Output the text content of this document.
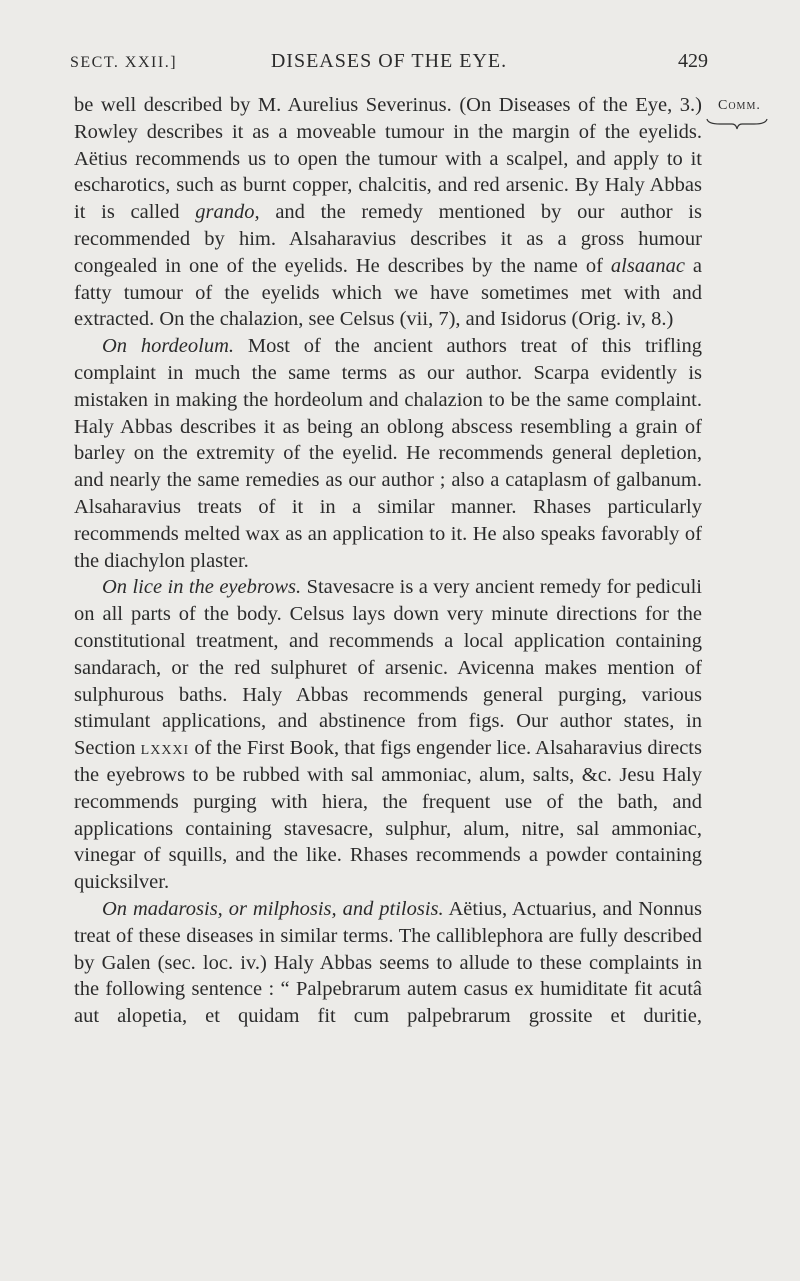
SECT. XXII.]	DISEASES OF THE EYE.	429
Comm.

be well described by M. Aurelius Severinus. (On Diseases of the Eye, 3.) Rowley describes it as a moveable tumour in the margin of the eyelids. Aëtius recommends us to open the tumour with a scalpel, and apply to it escharotics, such as burnt copper, chalcitis, and red arsenic. By Haly Abbas it is called grando, and the remedy mentioned by our author is recommended by him. Alsaharavius describes it as a gross humour congealed in one of the eyelids. He describes by the name of alsaanac a fatty tumour of the eyelids which we have sometimes met with and extracted. On the chalazion, see Celsus (vii, 7), and Isidorus (Orig. iv, 8.)

On hordeolum. Most of the ancient authors treat of this trifling complaint in much the same terms as our author. Scarpa evidently is mistaken in making the hordeolum and chalazion to be the same complaint. Haly Abbas describes it as being an oblong abscess resembling a grain of barley on the extremity of the eyelid. He recommends general depletion, and nearly the same remedies as our author ; also a cataplasm of galbanum. Alsaharavius treats of it in a similar manner. Rhases particularly recommends melted wax as an application to it. He also speaks favorably of the diachylon plaster.

On lice in the eyebrows. Stavesacre is a very ancient remedy for pediculi on all parts of the body. Celsus lays down very minute directions for the constitutional treatment, and recommends a local application containing sandarach, or the red sulphuret of arsenic. Avicenna makes mention of sulphurous baths. Haly Abbas recommends general purging, various stimulant applications, and abstinence from figs. Our author states, in Section lxxxi of the First Book, that figs engender lice. Alsaharavius directs the eyebrows to be rubbed with sal ammoniac, alum, salts, &c. Jesu Haly recommends purging with hiera, the frequent use of the bath, and applications containing stavesacre, sulphur, alum, nitre, sal ammoniac, vinegar of squills, and the like. Rhases recommends a powder containing quicksilver.

On madarosis, or milphosis, and ptilosis. Aëtius, Actuarius, and Nonnus treat of these diseases in similar terms. The calliblephora are fully described by Galen (sec. loc. iv.) Haly Abbas seems to allude to these complaints in the following sentence : “ Palpebrarum autem casus ex humiditate fit acutâ aut alopetia, et quidam fit cum palpebrarum grossite et duritie,
